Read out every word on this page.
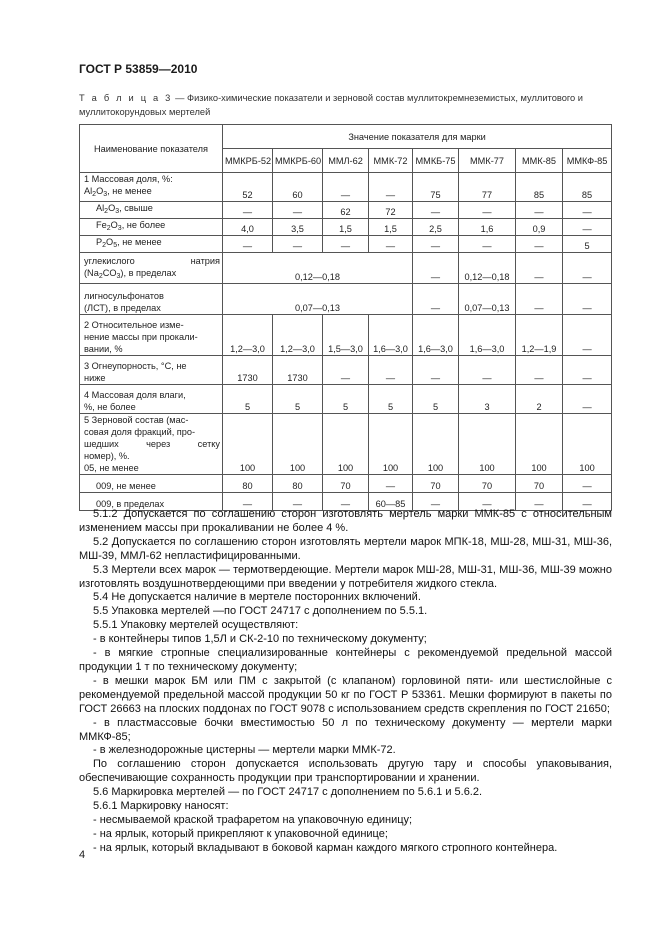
ГОСТ Р 53859—2010
Т а б л и ц а 3 — Физико-химические показатели и зерновой состав муллитокремнеземистых, муллитового и муллитокорундовых мертелей
Наименование показателя	Значение показателя для марки							
	ММКРБ-52	ММКРБ-60	ММЛ-62	ММК-72	ММКБ-75	ММК-77	ММК-85	ММКФ-85

1 Массовая доля, %:
$Al_2O_3$, не менее	52	60	—	—	75	77	85	85
$Al_2O_3$, свыше	—	—	62	72	—	—	—	—
$Fe_2O_3$, не более	4,0	3,5	1,5	1,5	2,5	1,6	0,9	—
$P_2O_5$, не менее	—	—	—	—	—	—	—	5

углекислого натрия
$(Na_2CO_3)$, в пределах	0,12—0,18				—	0,12—0,18	—	—

лигносульфонатов
(ЛСТ), в пределах	0,07—0,13				—	0,07—0,13	—	—

2 Относительное изме-
нение массы при прокали-
вании, %	1,2—3,0	1,2—3,0	1,5—3,0	1,6—3,0	1,6—3,0	1,6—3,0	1,2—1,9	—

3 Огнеупорность, °С, не
ниже	1730	1730	—	—	—	—	—	—

4 Массовая доля влаги,
%, не более	5	5	5	5	5	3	2	—

5 Зерновой состав (мас-
совая доля фракций, про-
шедших через сетку
номер), %.
05, не менее	100	100	100	100	100	100	100	100
009, не менее	80	80	70	—	70	70	70	—
009, в пределах	—	—	—	60—85	—	—	—	—

5.1.2 Допускается по соглашению сторон изготовлять мертель марки ММК-85 с относительным изменением массы при прокаливании не более 4 %.

5.2 Допускается по соглашению сторон изготовлять мертели марок МПК-18, МШ-28, МШ-31, МШ-36, МШ-39, ММЛ-62 непластифицированными.

5.3 Мертели всех марок — термотвердеющие. Мертели марок МШ-28, МШ-31, МШ-36, МШ-39 можно изготовлять воздушнотвердеющими при введении у потребителя жидкого стекла.

5.4 Не допускается наличие в мертеле посторонних включений.

5.5 Упаковка мертелей —по ГОСТ 24717 с дополнением по 5.5.1.

5.5.1 Упаковку мертелей осуществляют:

- в контейнеры типов 1,5Л и СК-2-10 по техническому документу;

- в мягкие стропные специализированные контейнеры с рекомендуемой предельной массой продукции 1 т по техническому документу;

- в мешки марок БМ или ПМ с закрытой (с клапаном) горловиной пяти- или шестислойные с рекомендуемой предельной массой продукции 50 кг по ГОСТ Р 53361. Мешки формируют в пакеты по ГОСТ 26663 на плоских поддонах по ГОСТ 9078 с использованием средств скрепления по ГОСТ 21650;

- в пластмассовые бочки вместимостью 50 л по техническому документу — мертели марки ММКФ-85;

- в железнодорожные цистерны — мертели марки ММК-72.

По соглашению сторон допускается использовать другую тару и способы упаковывания, обеспечивающие сохранность продукции при транспортировании и хранении.

5.6 Маркировка мертелей — по ГОСТ 24717 с дополнением по 5.6.1 и 5.6.2.

5.6.1 Маркировку наносят:

- несмываемой краской трафаретом на упаковочную единицу;

- на ярлык, который прикрепляют к упаковочной единице;

- на ярлык, который вкладывают в боковой карман каждого мягкого стропного контейнера.

4
